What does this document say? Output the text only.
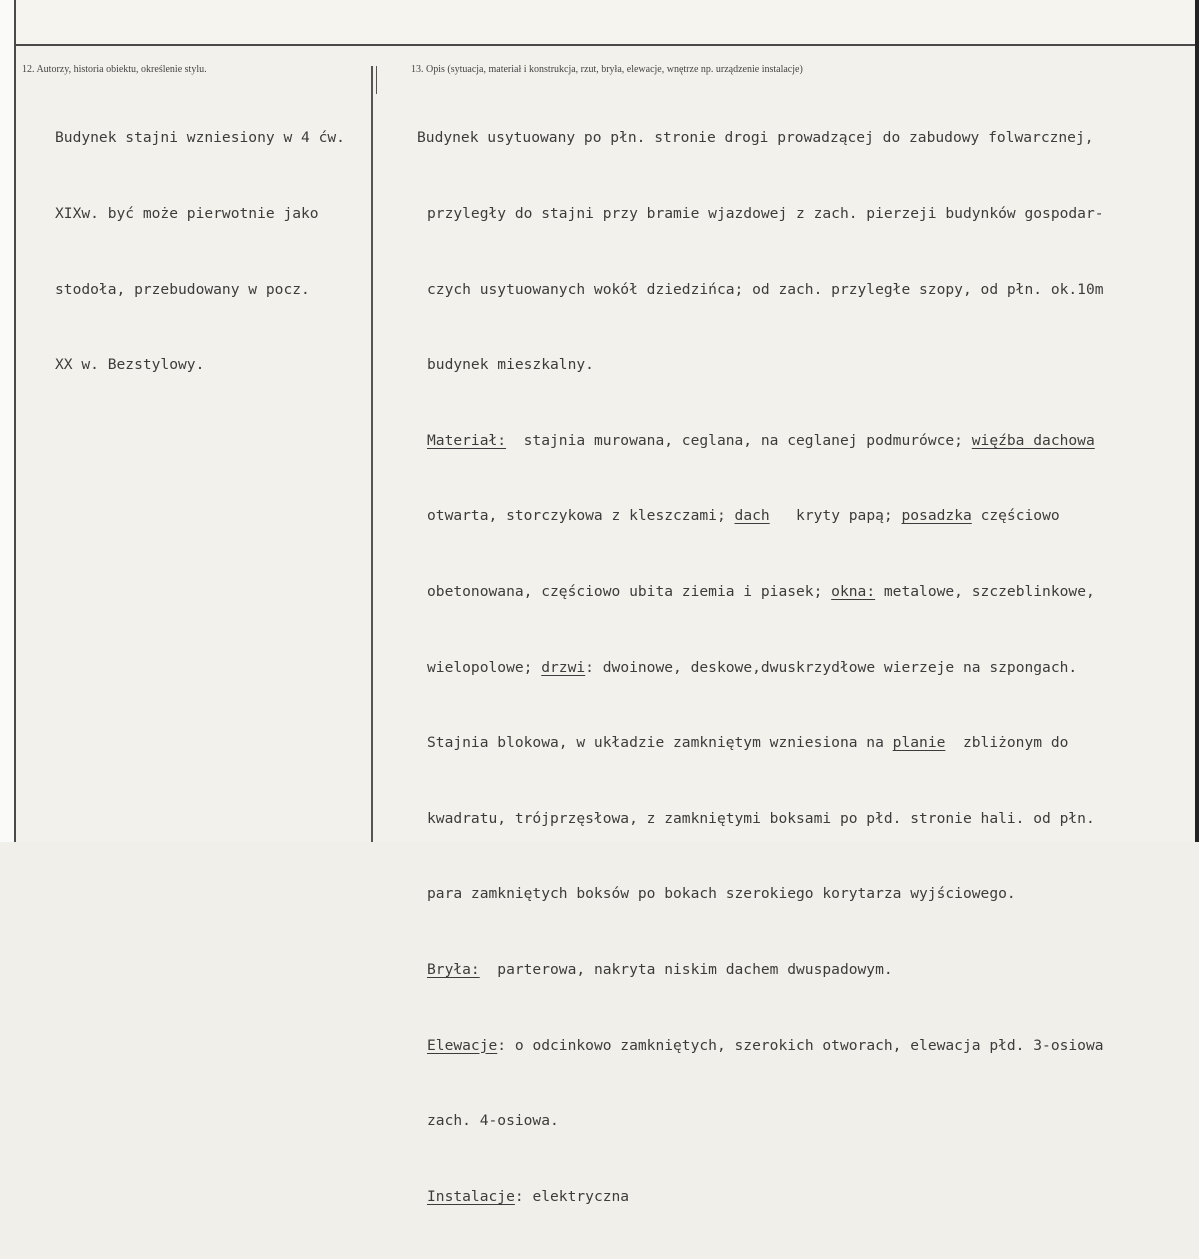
12. Autorzy, historia obiektu, określenie stylu.	13. Opis (sytuacja, materiał i konstrukcja, rzut, bryła, elewacje, wnętrze np. urządzenie instalacje)

Budynek stajni wzniesiony w 4 ćw.

XIXw. być może pierwotnie jako

stodoła, przebudowany w pocz.

XX w. Bezstylowy.

Budynek usytuowany po płn. stronie drogi prowadzącej do zabudowy folwarcznej,

przyległy do stajni przy bramie wjazdowej z zach. pierzeji budynków gospodar-

czych usytuowanych wokół dziedzińca; od zach. przyległe szopy, od płn. ok.10m

budynek mieszkalny.

Materiał:  stajnia murowana, ceglana, na ceglanej podmurówce; więźba dachowa

otwarta, storczykowa z kleszczami; dach   kryty papą; posadzka częściowo

obetonowana, częściowo ubita ziemia i piasek; okna: metalowe, szczeblinkowe,

wielopolowe; drzwi: dwoinowe, deskowe,dwuskrzydłowe wierzeje na szpongach.

Stajnia blokowa, w układzie zamkniętym wzniesiona na planie  zbliżonym do

kwadratu, trójprzęsłowa, z zamkniętymi boksami po płd. stronie hali. od płn.

para zamkniętych boksów po bokach szerokiego korytarza wyjściowego.

Bryła:  parterowa, nakryta niskim dachem dwuspadowym.

Elewacje: o odcinkowo zamkniętych, szerokich otworach, elewacja płd. 3-osiowa

zach. 4-osiowa.

Instalacje: elektryczna
